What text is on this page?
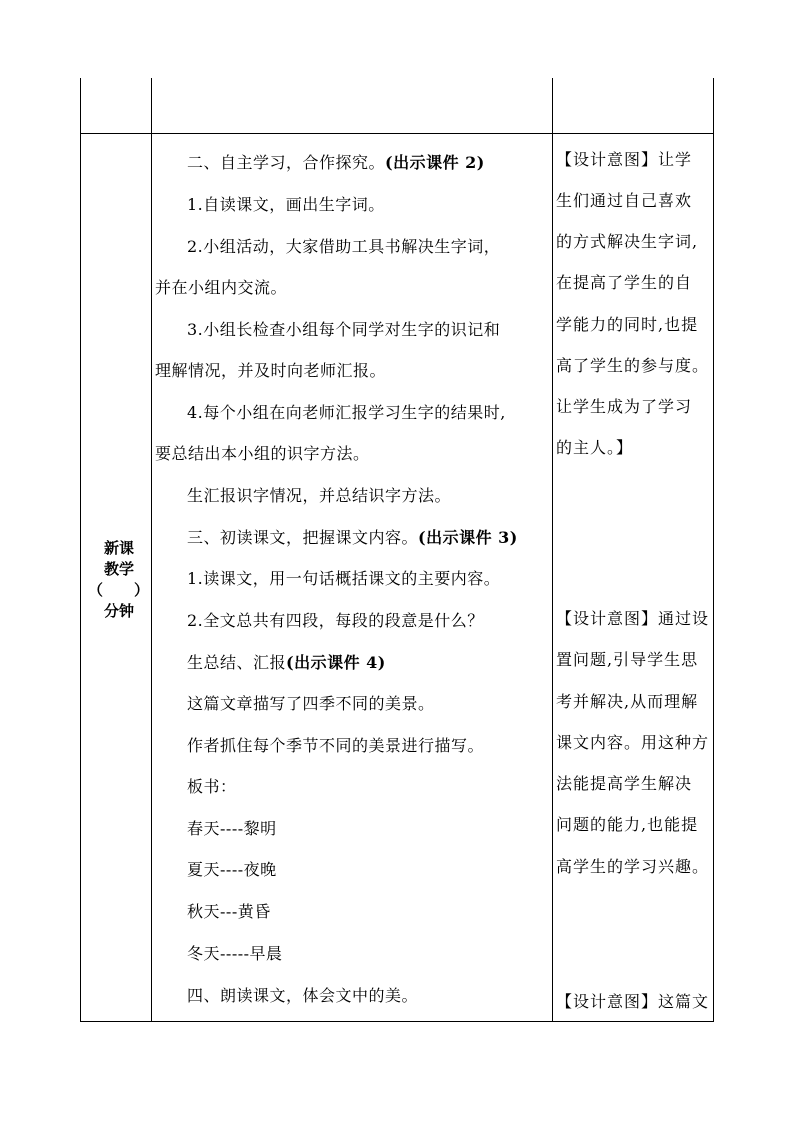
新课
教学
（ ）
分钟
二、自主学习，合作探究。(出示课件 2)
1.自读课文，画出生字词。
2.小组活动，大家借助工具书解决生字词，
并在小组内交流。
3.小组长检查小组每个同学对生字的识记和
理解情况，并及时向老师汇报。
4.每个小组在向老师汇报学习生字的结果时,
要总结出本小组的识字方法。
生汇报识字情况，并总结识字方法。
三、初读课文，把握课文内容。(出示课件 3)
1.读课文，用一句话概括课文的主要内容。
2.全文总共有四段，每段的段意是什么？
生总结、汇报(出示课件 4)
这篇文章描写了四季不同的美景。
作者抓住每个季节不同的美景进行描写。
板书：
春天----黎明
夏天----夜晚
秋天---黄昏
冬天-----早晨
四、朗读课文，体会文中的美。
【设计意图】让学
生们通过自己喜欢
的方式解决生字词,
在提高了学生的自
学能力的同时,也提
高了学生的参与度。
让学生成为了学习
的主人。】
【设计意图】通过设
置问题,引导学生思
考并解决,从而理解
课文内容。用这种方
法能提高学生解决
问题的能力,也能提
高学生的学习兴趣。
【设计意图】这篇文
